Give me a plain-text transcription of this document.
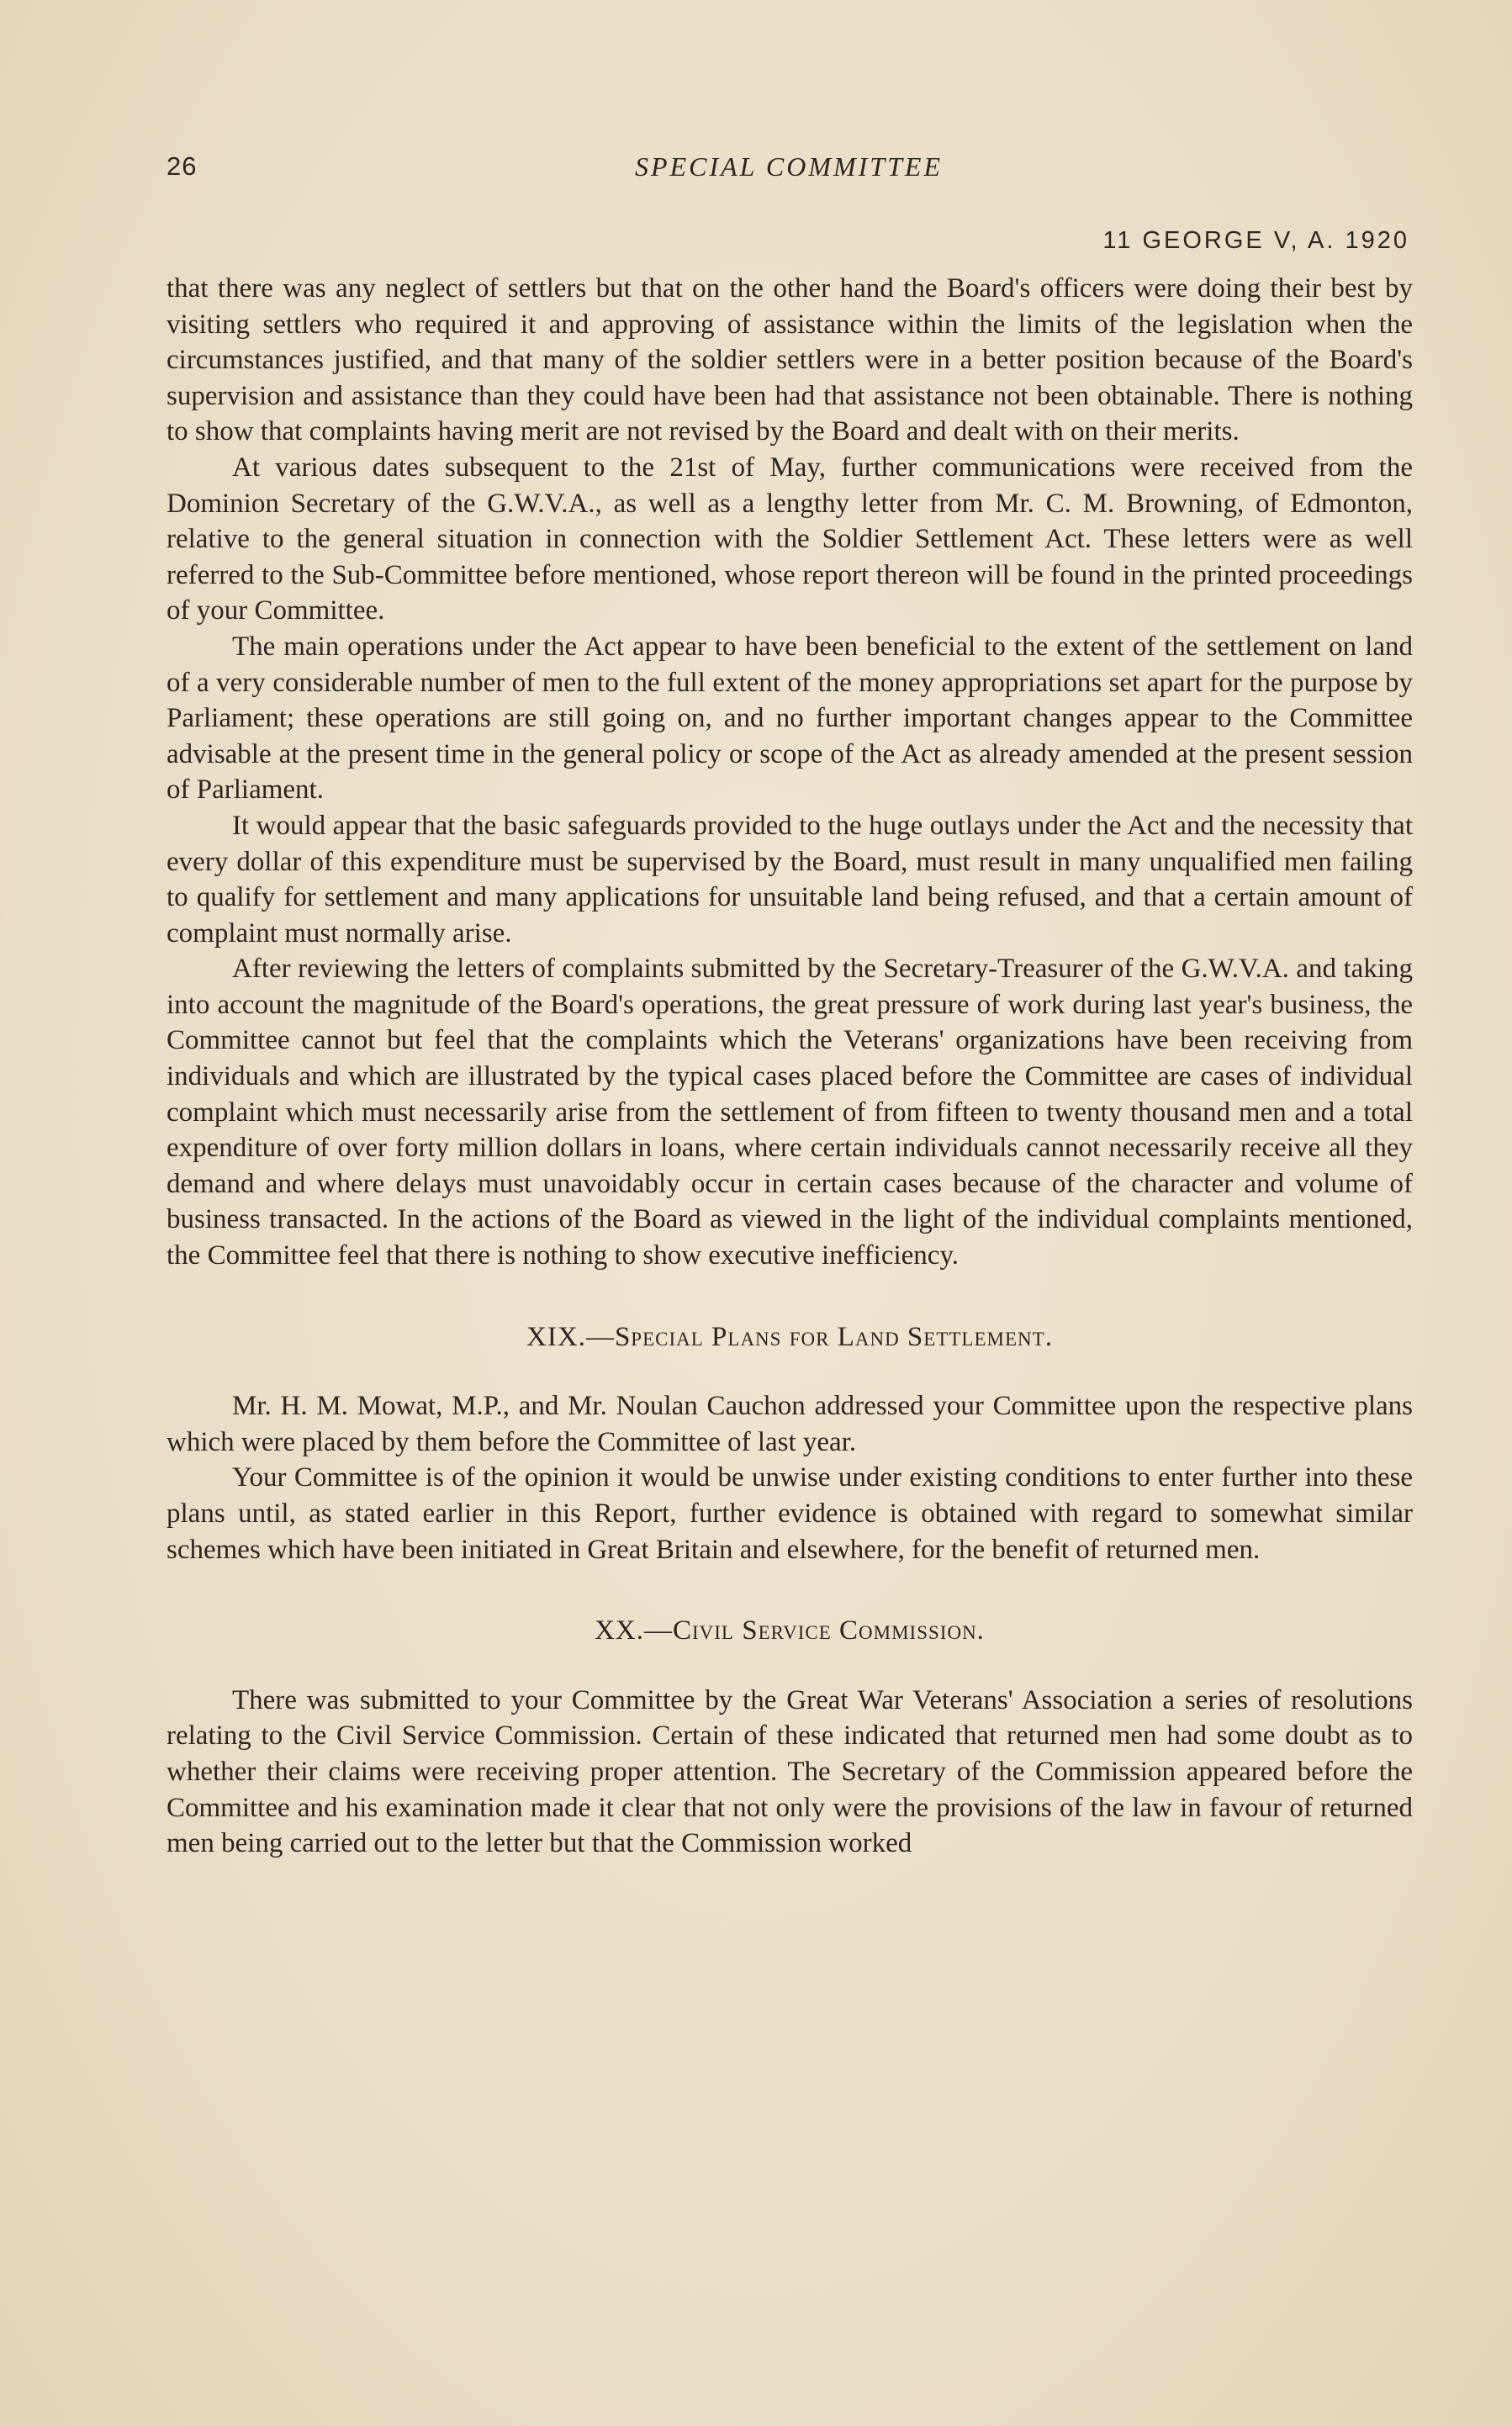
26	SPECIAL COMMITTEE
11 GEORGE V, A. 1920

that there was any neglect of settlers but that on the other hand the Board's officers were doing their best by visiting settlers who required it and approving of assistance within the limits of the legislation when the circumstances justified, and that many of the soldier settlers were in a better position because of the Board's supervision and assistance than they could have been had that assistance not been obtainable. There is nothing to show that complaints having merit are not revised by the Board and dealt with on their merits.

At various dates subsequent to the 21st of May, further communications were received from the Dominion Secretary of the G.W.V.A., as well as a lengthy letter from Mr. C. M. Browning, of Edmonton, relative to the general situation in connection with the Soldier Settlement Act. These letters were as well referred to the Sub-Committee before mentioned, whose report thereon will be found in the printed proceedings of your Committee.

The main operations under the Act appear to have been beneficial to the extent of the settlement on land of a very considerable number of men to the full extent of the money appropriations set apart for the purpose by Parliament; these operations are still going on, and no further important changes appear to the Committee advisable at the present time in the general policy or scope of the Act as already amended at the present session of Parliament.

It would appear that the basic safeguards provided to the huge outlays under the Act and the necessity that every dollar of this expenditure must be supervised by the Board, must result in many unqualified men failing to qualify for settlement and many applications for unsuitable land being refused, and that a certain amount of complaint must normally arise.

After reviewing the letters of complaints submitted by the Secretary-Treasurer of the G.W.V.A. and taking into account the magnitude of the Board's operations, the great pressure of work during last year's business, the Committee cannot but feel that the complaints which the Veterans' organizations have been receiving from individuals and which are illustrated by the typical cases placed before the Committee are cases of individual complaint which must necessarily arise from the settlement of from fifteen to twenty thousand men and a total expenditure of over forty million dollars in loans, where certain individuals cannot necessarily receive all they demand and where delays must unavoidably occur in certain cases because of the character and volume of business transacted. In the actions of the Board as viewed in the light of the individual complaints mentioned, the Committee feel that there is nothing to show executive inefficiency.

XIX.—Special Plans for Land Settlement.

Mr. H. M. Mowat, M.P., and Mr. Noulan Cauchon addressed your Committee upon the respective plans which were placed by them before the Committee of last year.

Your Committee is of the opinion it would be unwise under existing conditions to enter further into these plans until, as stated earlier in this Report, further evidence is obtained with regard to somewhat similar schemes which have been initiated in Great Britain and elsewhere, for the benefit of returned men.

XX.—Civil Service Commission.

There was submitted to your Committee by the Great War Veterans' Association a series of resolutions relating to the Civil Service Commission. Certain of these indicated that returned men had some doubt as to whether their claims were receiving proper attention. The Secretary of the Commission appeared before the Committee and his examination made it clear that not only were the provisions of the law in favour of returned men being carried out to the letter but that the Commission worked
